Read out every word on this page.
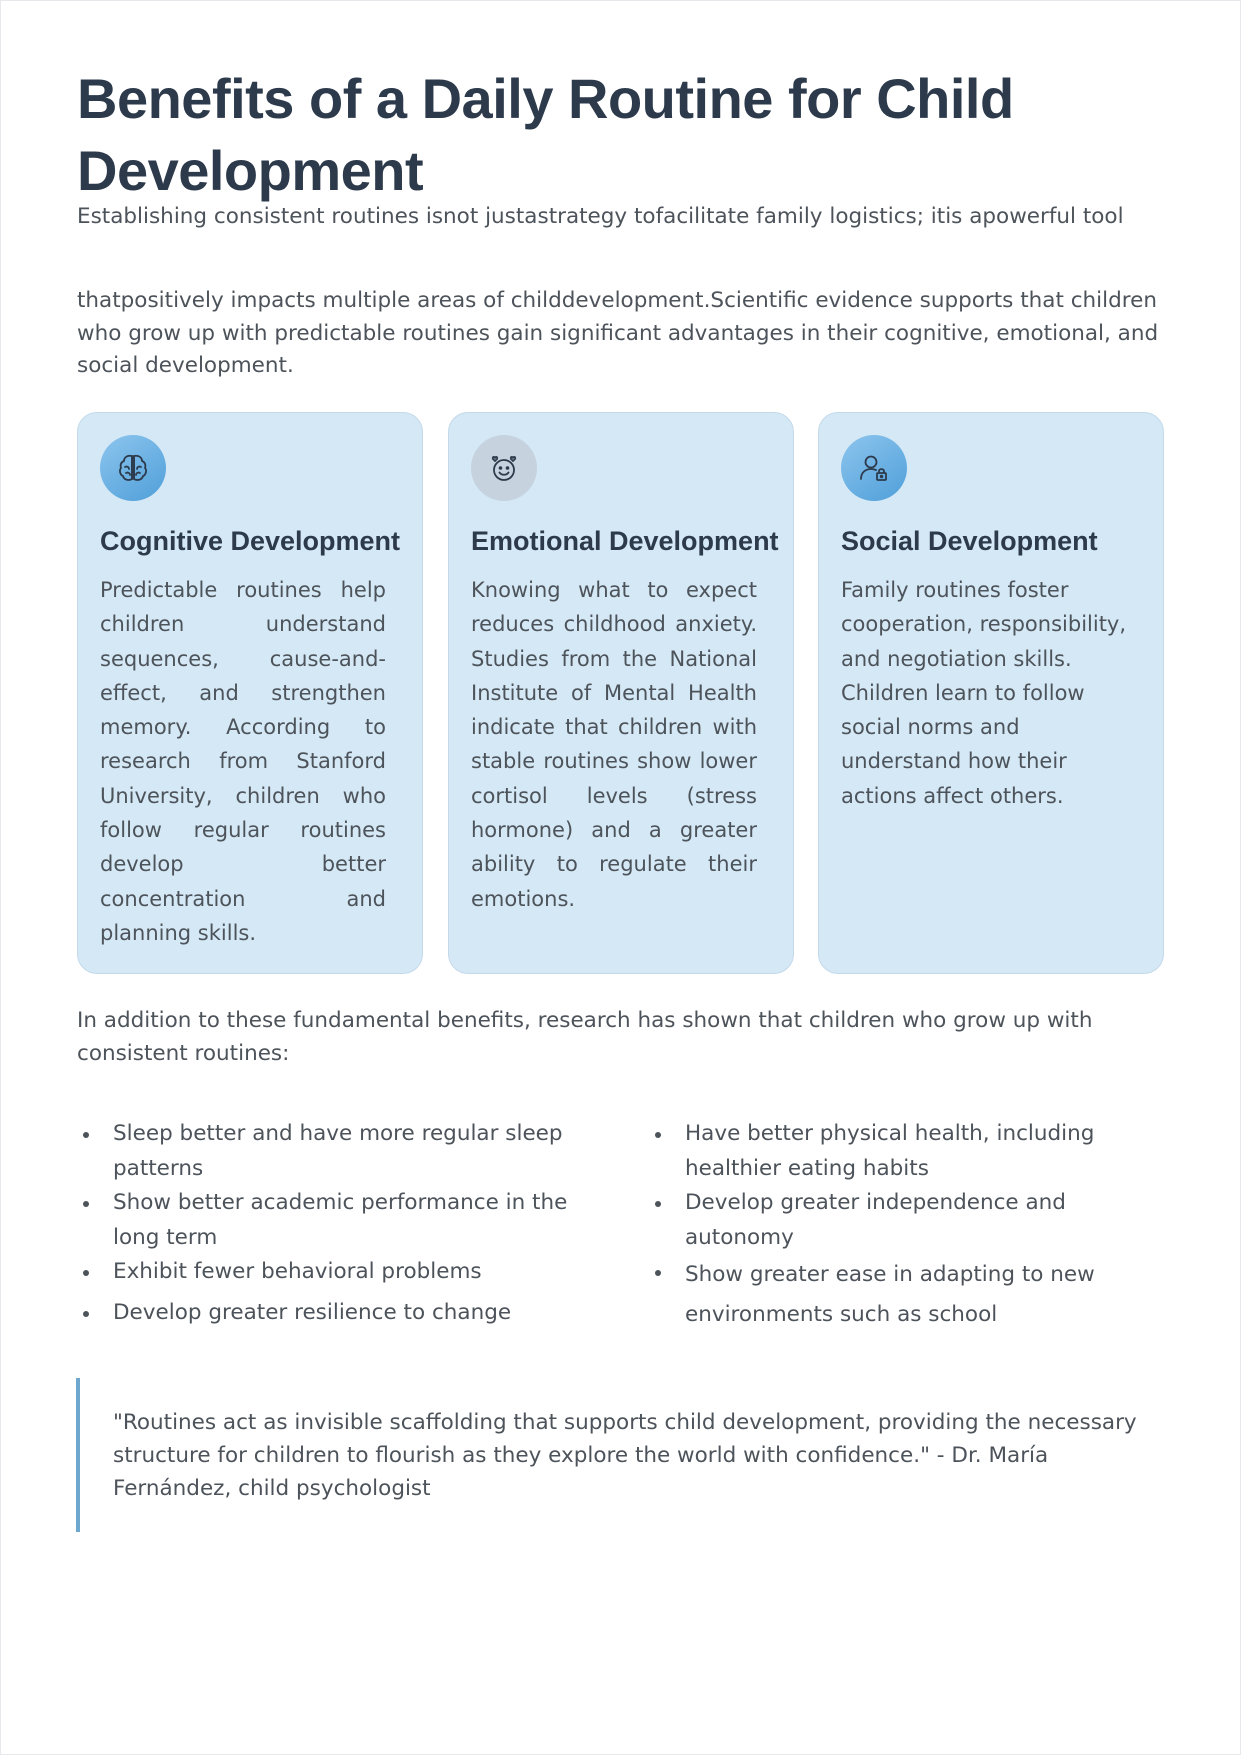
Benefits of a Daily Routine for Child Development
Establishing consistent routines isnot justastrategy tofacilitate family logistics; itis apowerful tool
thatpositively impacts multiple areas of childdevelopment.Scientific evidence supports that children who grow up with predictable routines gain significant advantages in their cognitive, emotional, and social development.
Cognitive Development
Predictable routines help children understand sequences, cause-and-effect, and strengthen memory. According to research from Stanford University, children who follow regular routines develop better concentration and planning skills.
Emotional Development
Knowing what to expect reduces childhood anxiety. Studies from the National Institute of Mental Health indicate that children with stable routines show lower cortisol levels (stress hormone) and a greater ability to regulate their emotions.
Social Development
Family routines foster cooperation, responsibility, and negotiation skills. Children learn to follow social norms and understand how their actions affect others.
In addition to these fundamental benefits, research has shown that children who grow up with consistent routines:
Sleep better and have more regular sleep patterns
Show better academic performance in the long term
Exhibit fewer behavioral problems
Develop greater resilience to change
Have better physical health, including healthier eating habits
Develop greater independence and autonomy
Show greater ease in adapting to new environments such as school
"Routines act as invisible scaffolding that supports child development, providing the necessary structure for children to flourish as they explore the world with confidence." - Dr. María Fernández, child psychologist
